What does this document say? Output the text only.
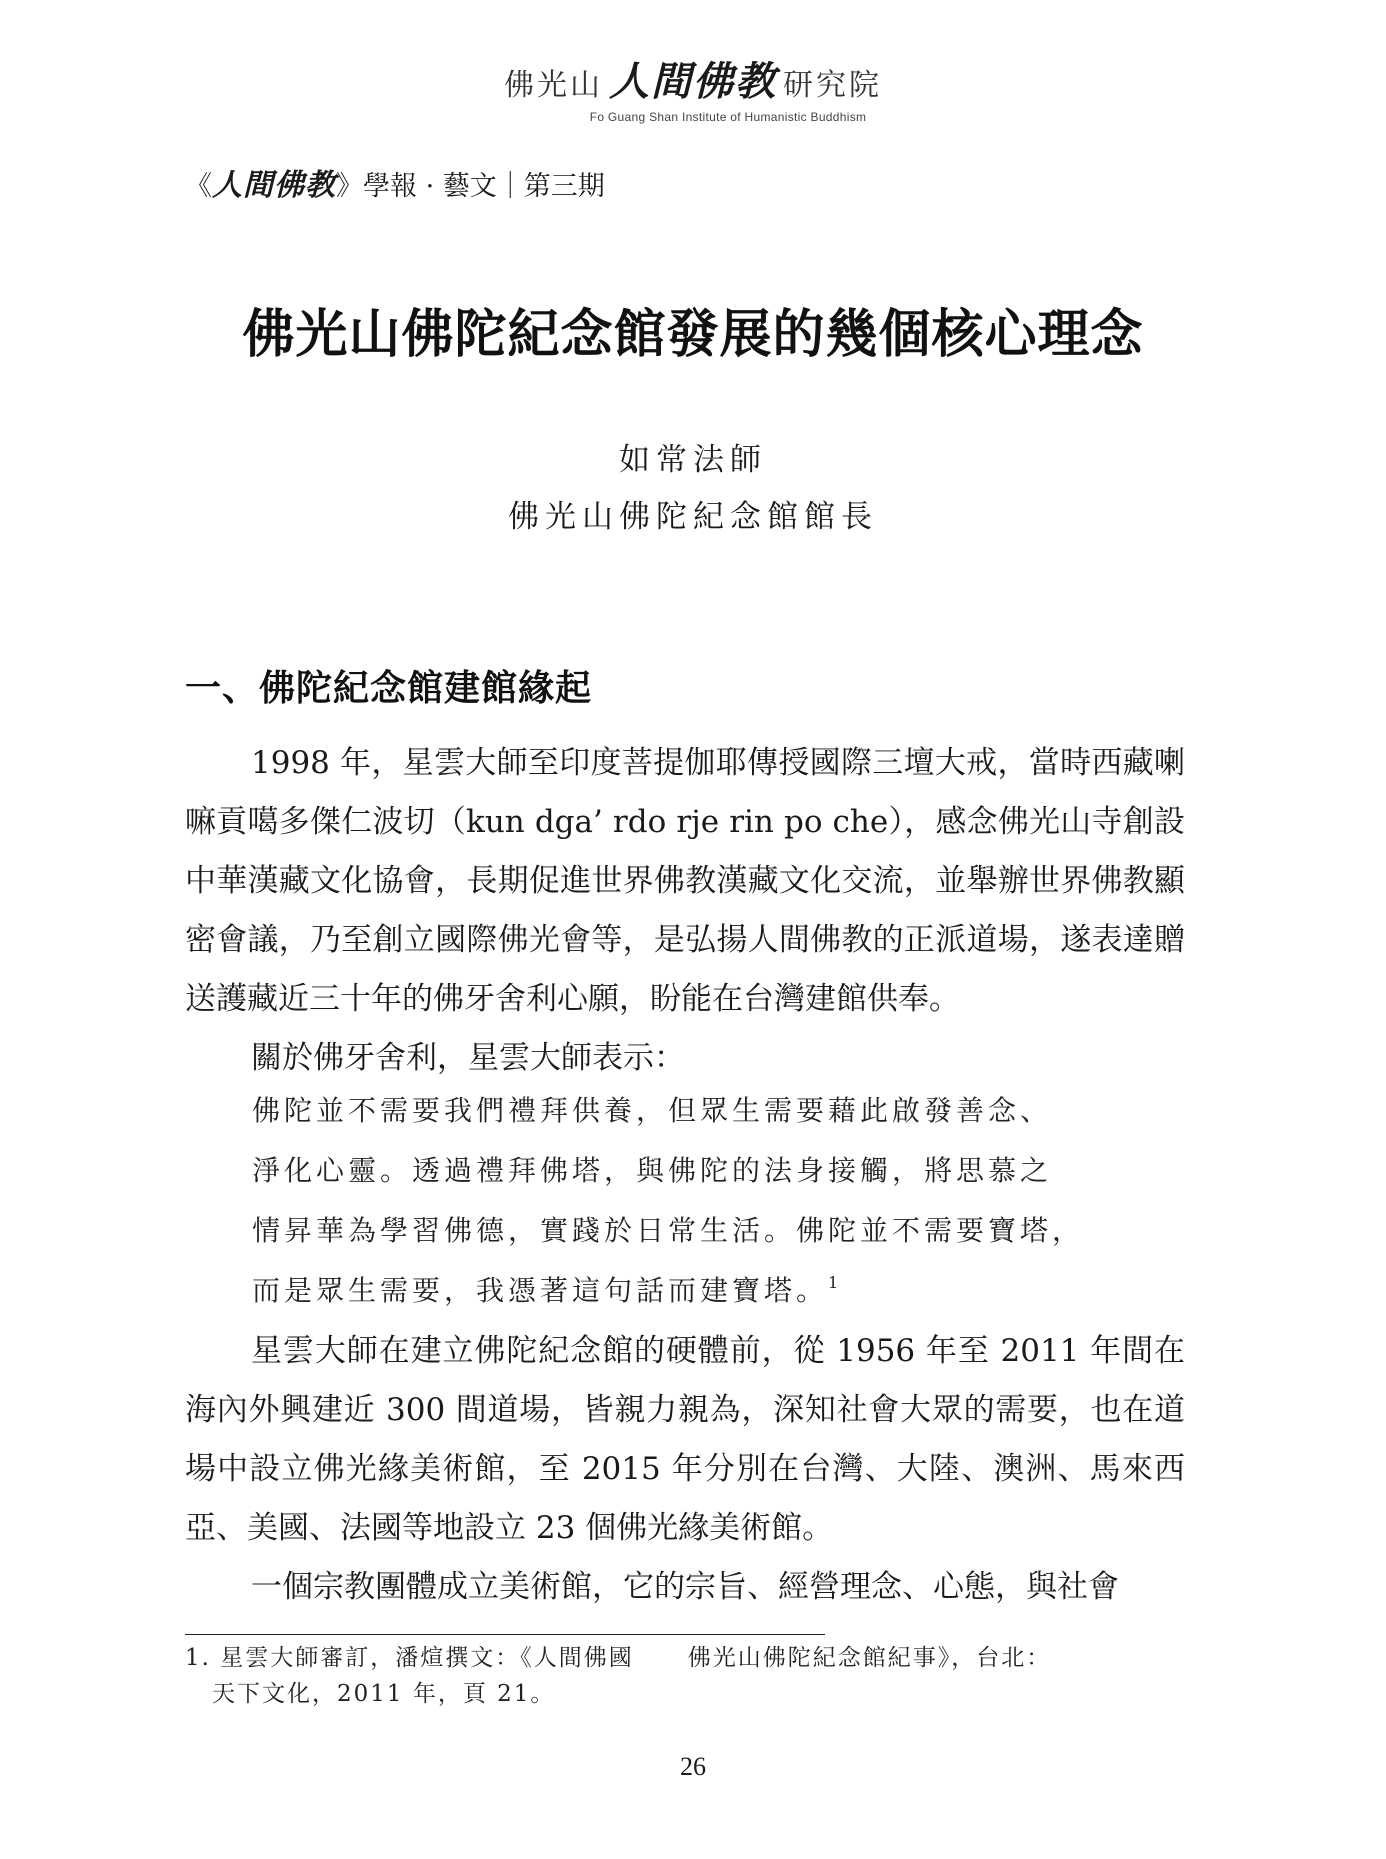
佛光山 人間佛教 研究院
Fo Guang Shan Institute of Humanistic Buddhism
《人間佛教》學報 · 藝文｜第三期
佛光山佛陀紀念館發展的幾個核心理念
如常法師
佛光山佛陀紀念館館長
一、佛陀紀念館建館緣起

1998 年，星雲大師至印度菩提伽耶傳授國際三壇大戒，當時西藏喇嘛貢噶多傑仁波切（kun dga’ rdo rje rin po che），感念佛光山寺創設中華漢藏文化協會，長期促進世界佛教漢藏文化交流，並舉辦世界佛教顯密會議，乃至創立國際佛光會等，是弘揚人間佛教的正派道場，遂表達贈送護藏近三十年的佛牙舍利心願，盼能在台灣建館供奉。

關於佛牙舍利，星雲大師表示：

佛陀並不需要我們禮拜供養，但眾生需要藉此啟發善念、
淨化心靈。透過禮拜佛塔，與佛陀的法身接觸，將思慕之
情昇華為學習佛德，實踐於日常生活。佛陀並不需要寶塔，
而是眾生需要，我憑著這句話而建寶塔。$^1$

星雲大師在建立佛陀紀念館的硬體前，從 1956 年至 2011 年間在海內外興建近 300 間道場，皆親力親為，深知社會大眾的需要，也在道場中設立佛光緣美術館，至 2015 年分別在台灣、大陸、澳洲、馬來西亞、美國、法國等地設立 23 個佛光緣美術館。

一個宗教團體成立美術館，它的宗旨、經營理念、心態，與社會

1. 星雲大師審訂，潘煊撰文：《人間佛國 佛光山佛陀紀念館紀事》，台北：
天下文化，2011 年，頁 21。
26
